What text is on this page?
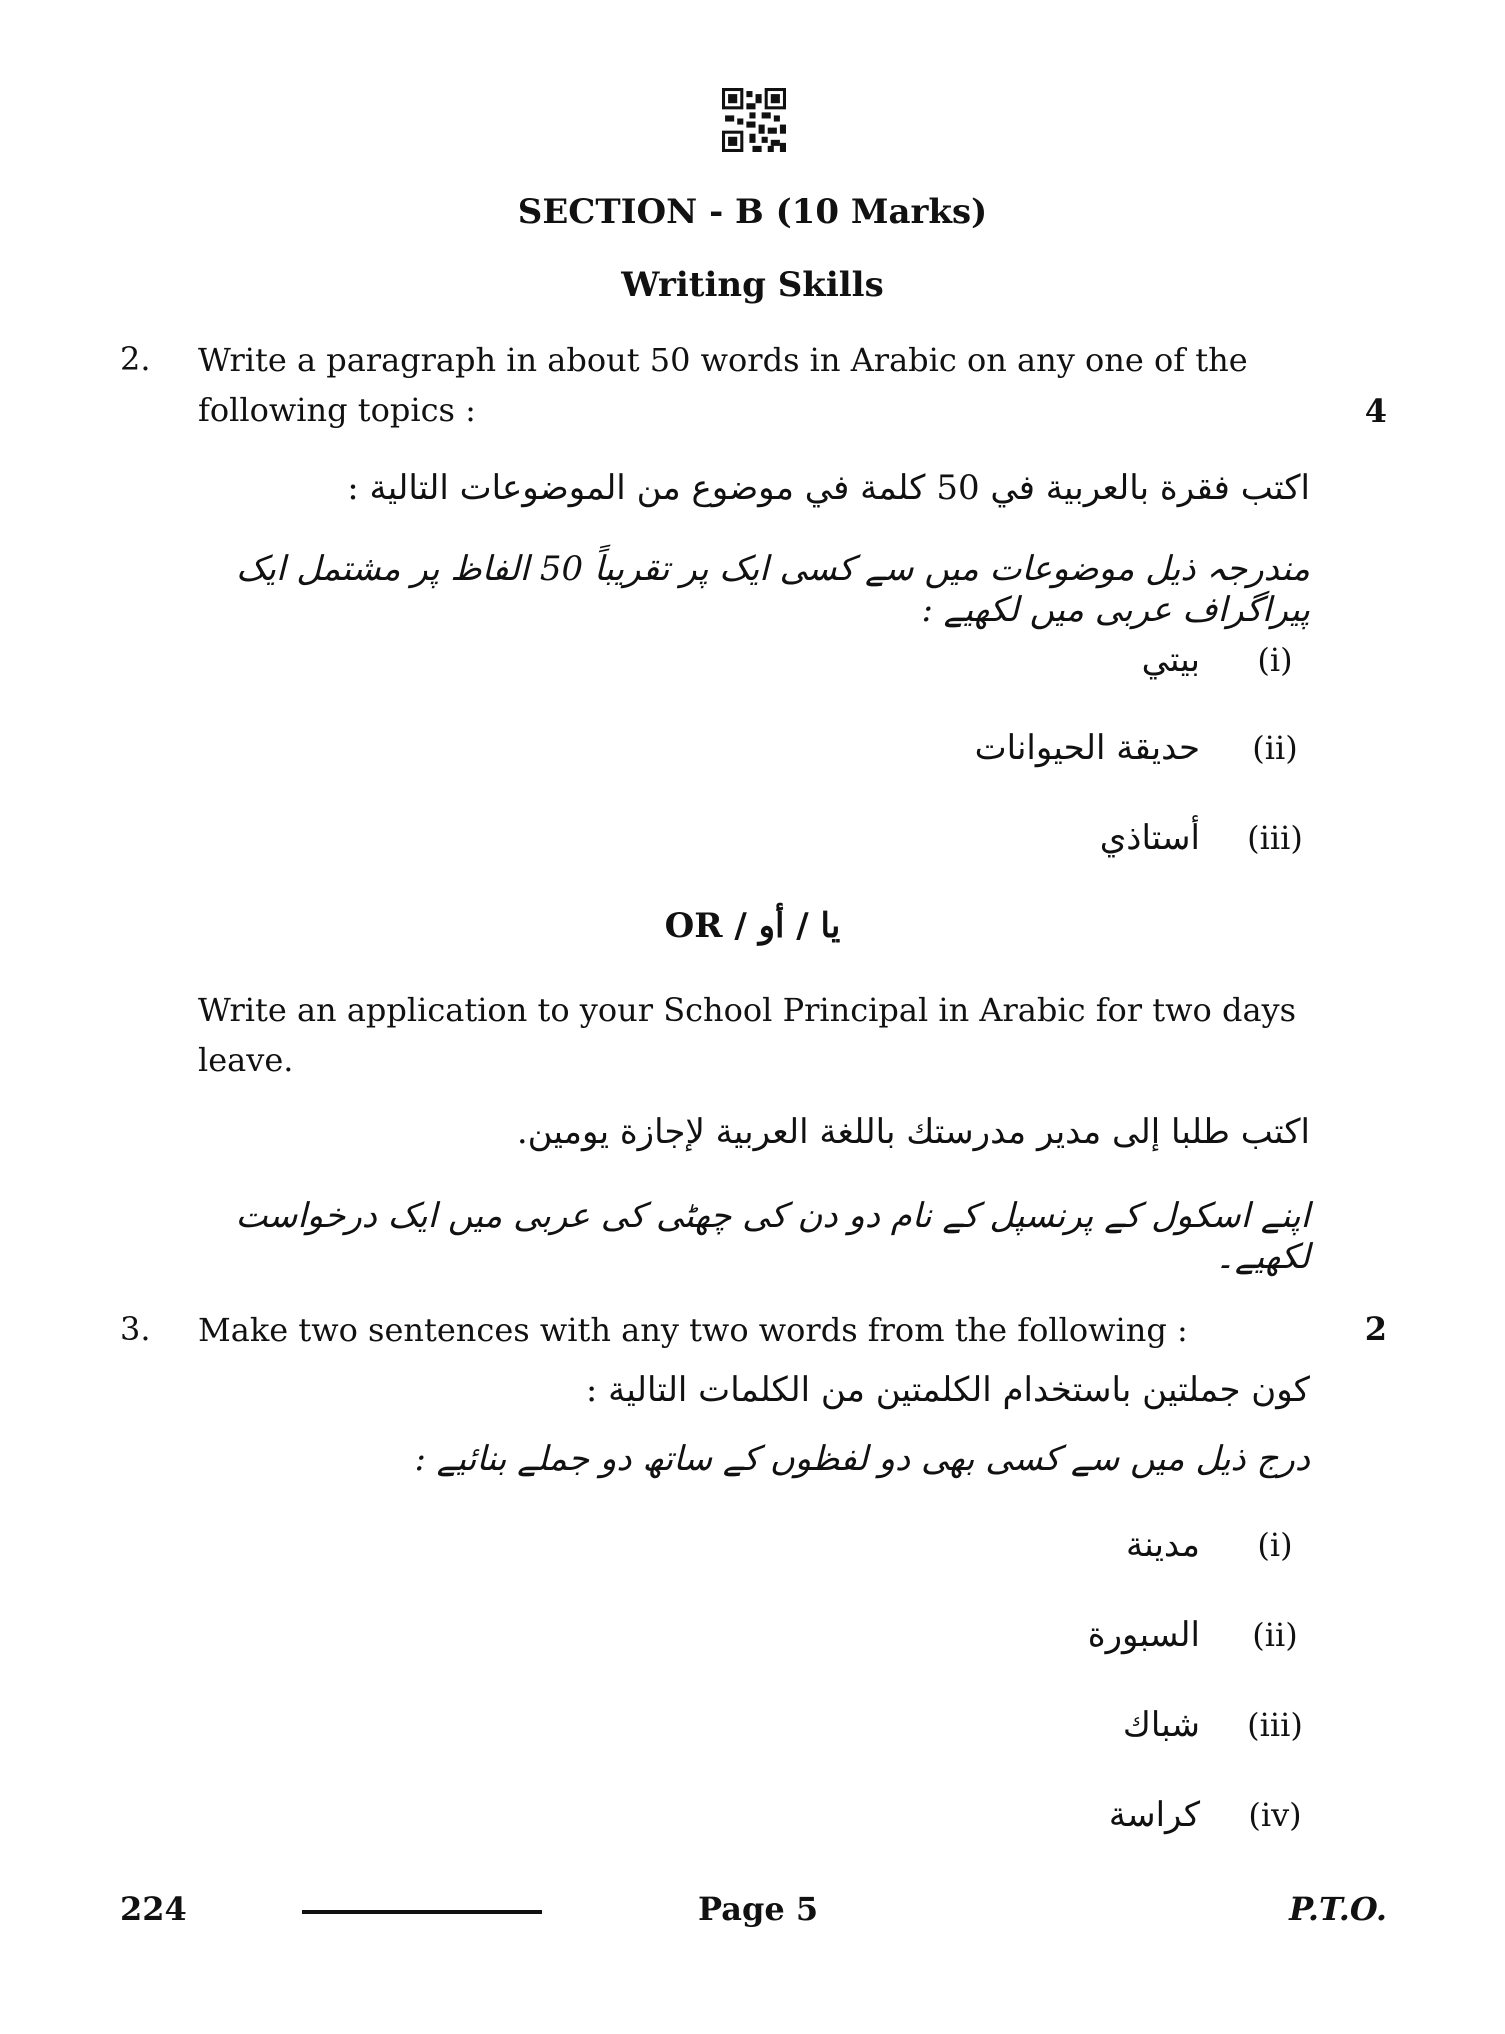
SECTION - B (10 Marks)
Writing Skills
2. Write a paragraph in about 50 words in Arabic on any one of the
following topics :	4
اكتب فقرة بالعربية في 50 كلمة في موضوع من الموضوعات التالية :
مندرجہ ذیل موضوعات میں سے کسی ایک پر تقریباً 50 الفاظ پر مشتمل ایک پیراگراف عربی میں لکھیے :
(i)بيتي
(ii)حديقة الحيوانات
(iii)أستاذي
OR / یا / أو
Write an application to your School Principal in Arabic for two days
leave.
اكتب طلبا إلى مدير مدرستك باللغة العربية لإجازة يومين.
اپنے اسکول کے پرنسپل کے نام دو دن کی چھٹی کی عربی میں ایک درخواست لکھیے۔
3. Make two sentences with any two words from the following :	2
كون جملتين باستخدام الكلمتين من الكلمات التالية :
درج ذیل میں سے کسی بھی دو لفظوں کے ساتھ دو جملے بنائیے :
(i)مدينة
(ii)السبورة
(iii)شباك
(iv)كراسة
224	Page 5	P.T.O.
